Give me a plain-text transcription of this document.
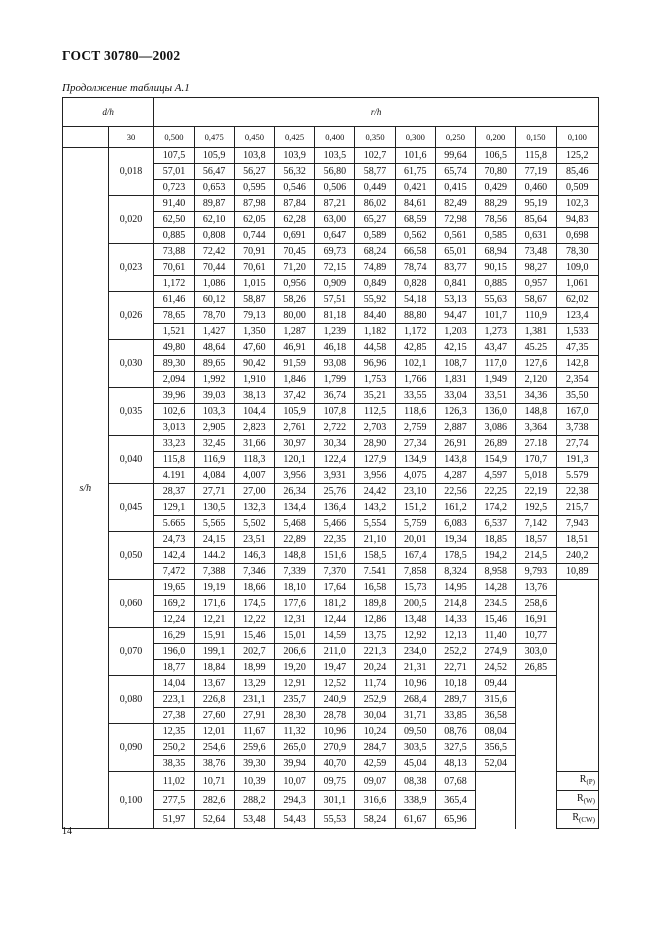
ГОСТ 30780—2002
Продолжение таблицы А.1
d/h		r/h										
	30	0,500	0,475	0,450	0,425	0,400	0,350	0,300	0,250	0,200	0,150	0,100
s/h	0,018	107,5	105,9	103,8	103,9	103,5	102,7	101,6	99,64	106,5	115,8	125,2
		57,01	56,47	56,27	56,32	56,80	58,77	61,75	65,74	70,80	77,19	85,46
		0,723	0,653	0,595	0,546	0,506	0,449	0,421	0,415	0,429	0,460	0,509
	0,020	91,40	89,87	87,98	87,84	87,21	86,02	84,61	82,49	88,29	95,19	102,3
		62,50	62,10	62,05	62,28	63,00	65,27	68,59	72,98	78,56	85,64	94,83
		0,885	0,808	0,744	0,691	0,647	0,589	0,562	0,561	0,585	0,631	0,698
	0,023	73,88	72,42	70,91	70,45	69,73	68,24	66,58	65,01	68,94	73,48	78,30
		70,61	70,44	70,61	71,20	72,15	74,89	78,74	83,77	90,15	98,27	109,0
		1,172	1,086	1,015	0,956	0,909	0,849	0,828	0,841	0,885	0,957	1,061
	0,026	61,46	60,12	58,87	58,26	57,51	55,92	54,18	53,13	55,63	58,67	62,02
		78,65	78,70	79,13	80,00	81,18	84,40	88,80	94,47	101,7	110,9	123,4
		1,521	1,427	1,350	1,287	1,239	1,182	1,172	1,203	1,273	1,381	1,533
	0,030	49,80	48,64	47,60	46,91	46,18	44,58	42,85	42,15	43,47	45.25	47,35
		89,30	89,65	90,42	91,59	93,08	96,96	102,1	108,7	117,0	127,6	142,8
		2,094	1,992	1,910	1,846	1,799	1,753	1,766	1,831	1,949	2,120	2,354
	0,035	39,96	39,03	38,13	37,42	36,74	35,21	33,55	33,04	33,51	34,36	35,50
		102,6	103,3	104,4	105,9	107,8	112,5	118,6	126,3	136,0	148,8	167,0
		3,013	2,905	2,823	2,761	2,722	2,703	2,759	2,887	3,086	3,364	3,738
	0,040	33,23	32,45	31,66	30,97	30,34	28,90	27,34	26,91	26,89	27.18	27,74
		115,8	116,9	118,3	120,1	122,4	127,9	134,9	143,8	154,9	170,7	191,3
		4.191	4,084	4,007	3,956	3,931	3,956	4,075	4,287	4,597	5,018	5.579
	0,045	28,37	27,71	27,00	26,34	25,76	24,42	23,10	22,56	22,25	22,19	22,38
		129,1	130,5	132,3	134,4	136,4	143,2	151,2	161,2	174,2	192,5	215,7
		5.665	5,565	5,502	5,468	5,466	5,554	5,759	6,083	6,537	7,142	7,943
	0,050	24,73	24,15	23,51	22,89	22,35	21,10	20,01	19,34	18,85	18,57	18,51
		142,4	144.2	146,3	148,8	151,6	158,5	167,4	178,5	194,2	214,5	240,2
		7,472	7,388	7,346	7,339	7,370	7.541	7,858	8,324	8,958	9,793	10,89
	0,060	19,65	19,19	18,66	18,10	17,64	16,58	15,73	14,95	14,28	13,76	
		169,2	171,6	174,5	177,6	181,2	189,8	200,5	214,8	234.5	258,6	
		12,24	12,21	12,22	12,31	12,44	12,86	13,48	14,33	15,46	16,91	
	0,070	16,29	15,91	15,46	15,01	14,59	13,75	12,92	12,13	11,40	10,77	
		196,0	199,1	202,7	206,6	211,0	221,3	234,0	252,2	274,9	303,0	
		18,77	18,84	18,99	19,20	19,47	20,24	21,31	22,71	24,52	26,85	
	0,080	14,04	13,67	13,29	12,91	12,52	11,74	10,96	10,18	09,44		
		223,1	226,8	231,1	235,7	240,9	252,9	268,4	289,7	315,6		
		27,38	27,60	27,91	28,30	28,78	30,04	31,71	33,85	36,58		
	0,090	12,35	12,01	11,67	11,32	10,96	10,24	09,50	08,76	08,04		
		250,2	254,6	259,6	265,0	270,9	284,7	303,5	327,5	356,5		
		38,35	38,76	39,30	39,94	40,70	42,59	45,04	48,13	52,04		
	0,100	11,02	10,71	10,39	10,07	09,75	09,07	08,38	07,68			$R_{(P)}$
		277,5	282,6	288,2	294,3	301,1	316,6	338,9	365,4			$R_{(W)}$
		51,97	52,64	53,48	54,43	55,53	58,24	61,67	65,96			$R_{(CW)}$
14
